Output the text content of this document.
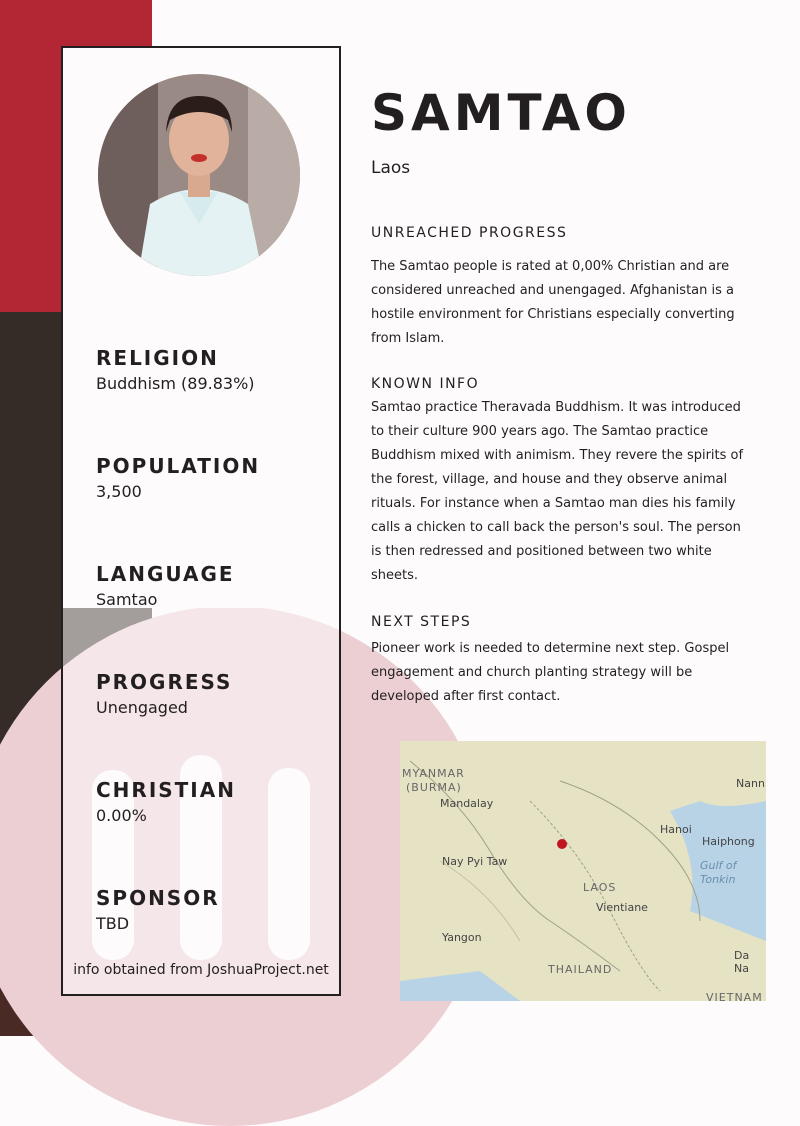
RELIGION
Buddhism (89.83%)
POPULATION
3,500
LANGUAGE
Samtao
PROGRESS
Unengaged
CHRISTIAN
0.00%
SPONSOR
TBD
info obtained from JoshuaProject.net
SAMTAO
Laos
UNREACHED PROGRESS
The Samtao people is rated at 0,00% Christian and are considered unreached and unengaged. Afghanistan is a hostile environment for Christians especially converting from Islam.
KNOWN INFO
Samtao practice Theravada Buddhism. It was introduced to their culture 900 years ago. The Samtao practice Buddhism mixed with animism. They revere the spirits of the forest, village, and house and they observe animal rituals. For instance when a Samtao man dies his family calls a chicken to call back the person's soul. The person is then redressed and positioned between two white sheets.
NEXT STEPS
Pioneer work is needed to determine next step. Gospel engagement and church planting strategy will be developed after first contact.
MYANMAR
(BURMA)
Mandalay
Nay Pyi Taw
Yangon
LAOS
Vientiane
THAILAND
Hanoi
Haiphong
Gulf of
Tonkin
Nann
Da Na
VIETNAM
